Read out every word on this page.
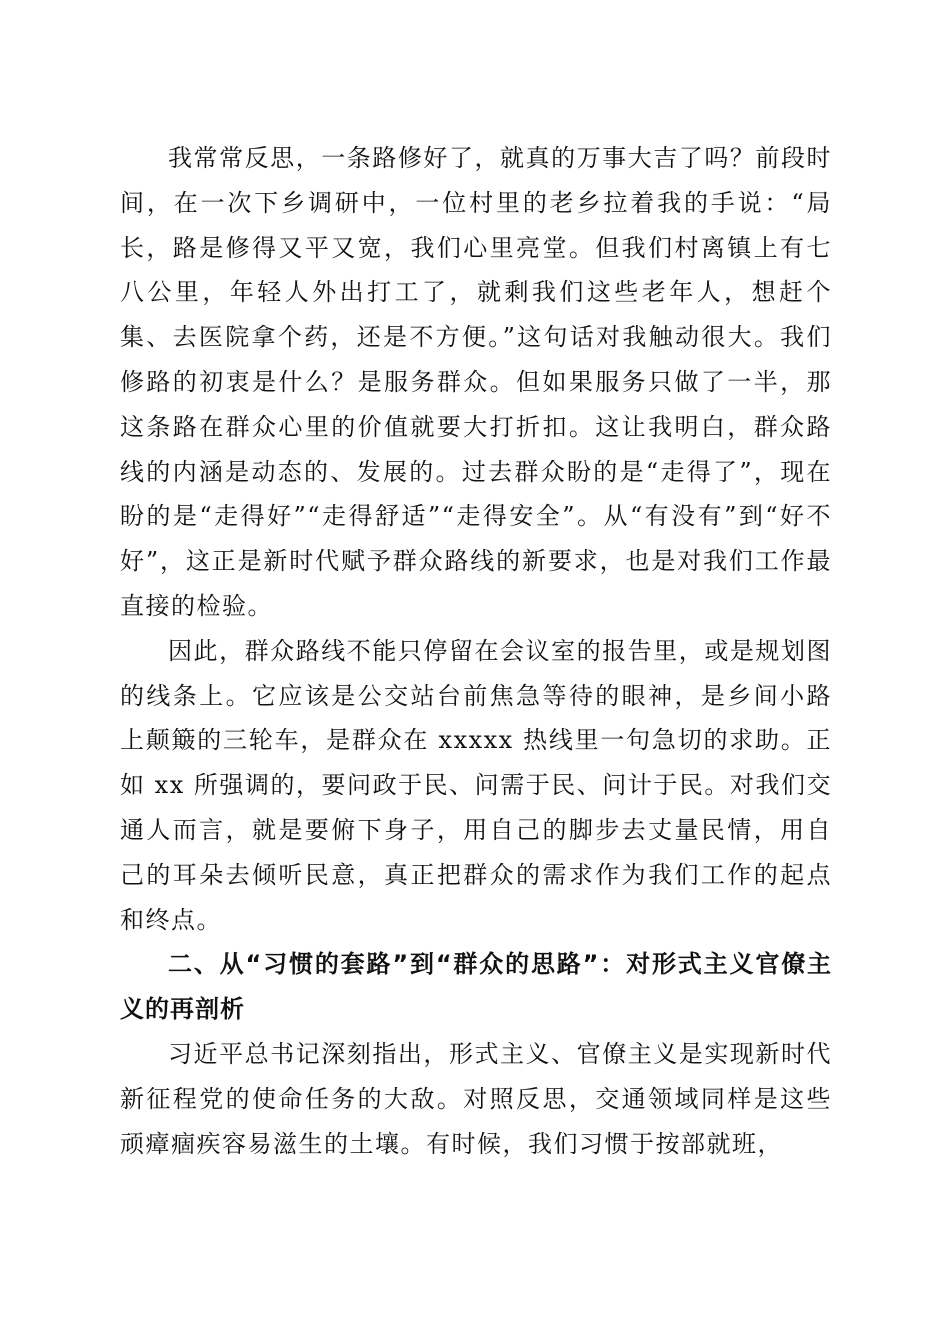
我常常反思，一条路修好了，就真的万事大吉了吗？前段时间，在一次下乡调研中，一位村里的老乡拉着我的手说：“局长，路是修得又平又宽，我们心里亮堂。但我们村离镇上有七八公里，年轻人外出打工了，就剩我们这些老年人，想赶个集、去医院拿个药，还是不方便。”这句话对我触动很大。我们修路的初衷是什么？是服务群众。但如果服务只做了一半，那这条路在群众心里的价值就要大打折扣。这让我明白，群众路线的内涵是动态的、发展的。过去群众盼的是“走得了”，现在盼的是“走得好”“走得舒适”“走得安全”。从“有没有”到“好不好”，这正是新时代赋予群众路线的新要求，也是对我们工作最直接的检验。

因此，群众路线不能只停留在会议室的报告里，或是规划图的线条上。它应该是公交站台前焦急等待的眼神，是乡间小路上颠簸的三轮车，是群众在 xxxxx 热线里一句急切的求助。正如 xx 所强调的，要问政于民、问需于民、问计于民。对我们交通人而言，就是要俯下身子，用自己的脚步去丈量民情，用自己的耳朵去倾听民意，真正把群众的需求作为我们工作的起点和终点。

二、从“习惯的套路”到“群众的思路”：对形式主义官僚主义的再剖析

习近平总书记深刻指出，形式主义、官僚主义是实现新时代新征程党的使命任务的大敌。对照反思，交通领域同样是这些顽瘴痼疾容易滋生的土壤。有时候，我们习惯于按部就班，
